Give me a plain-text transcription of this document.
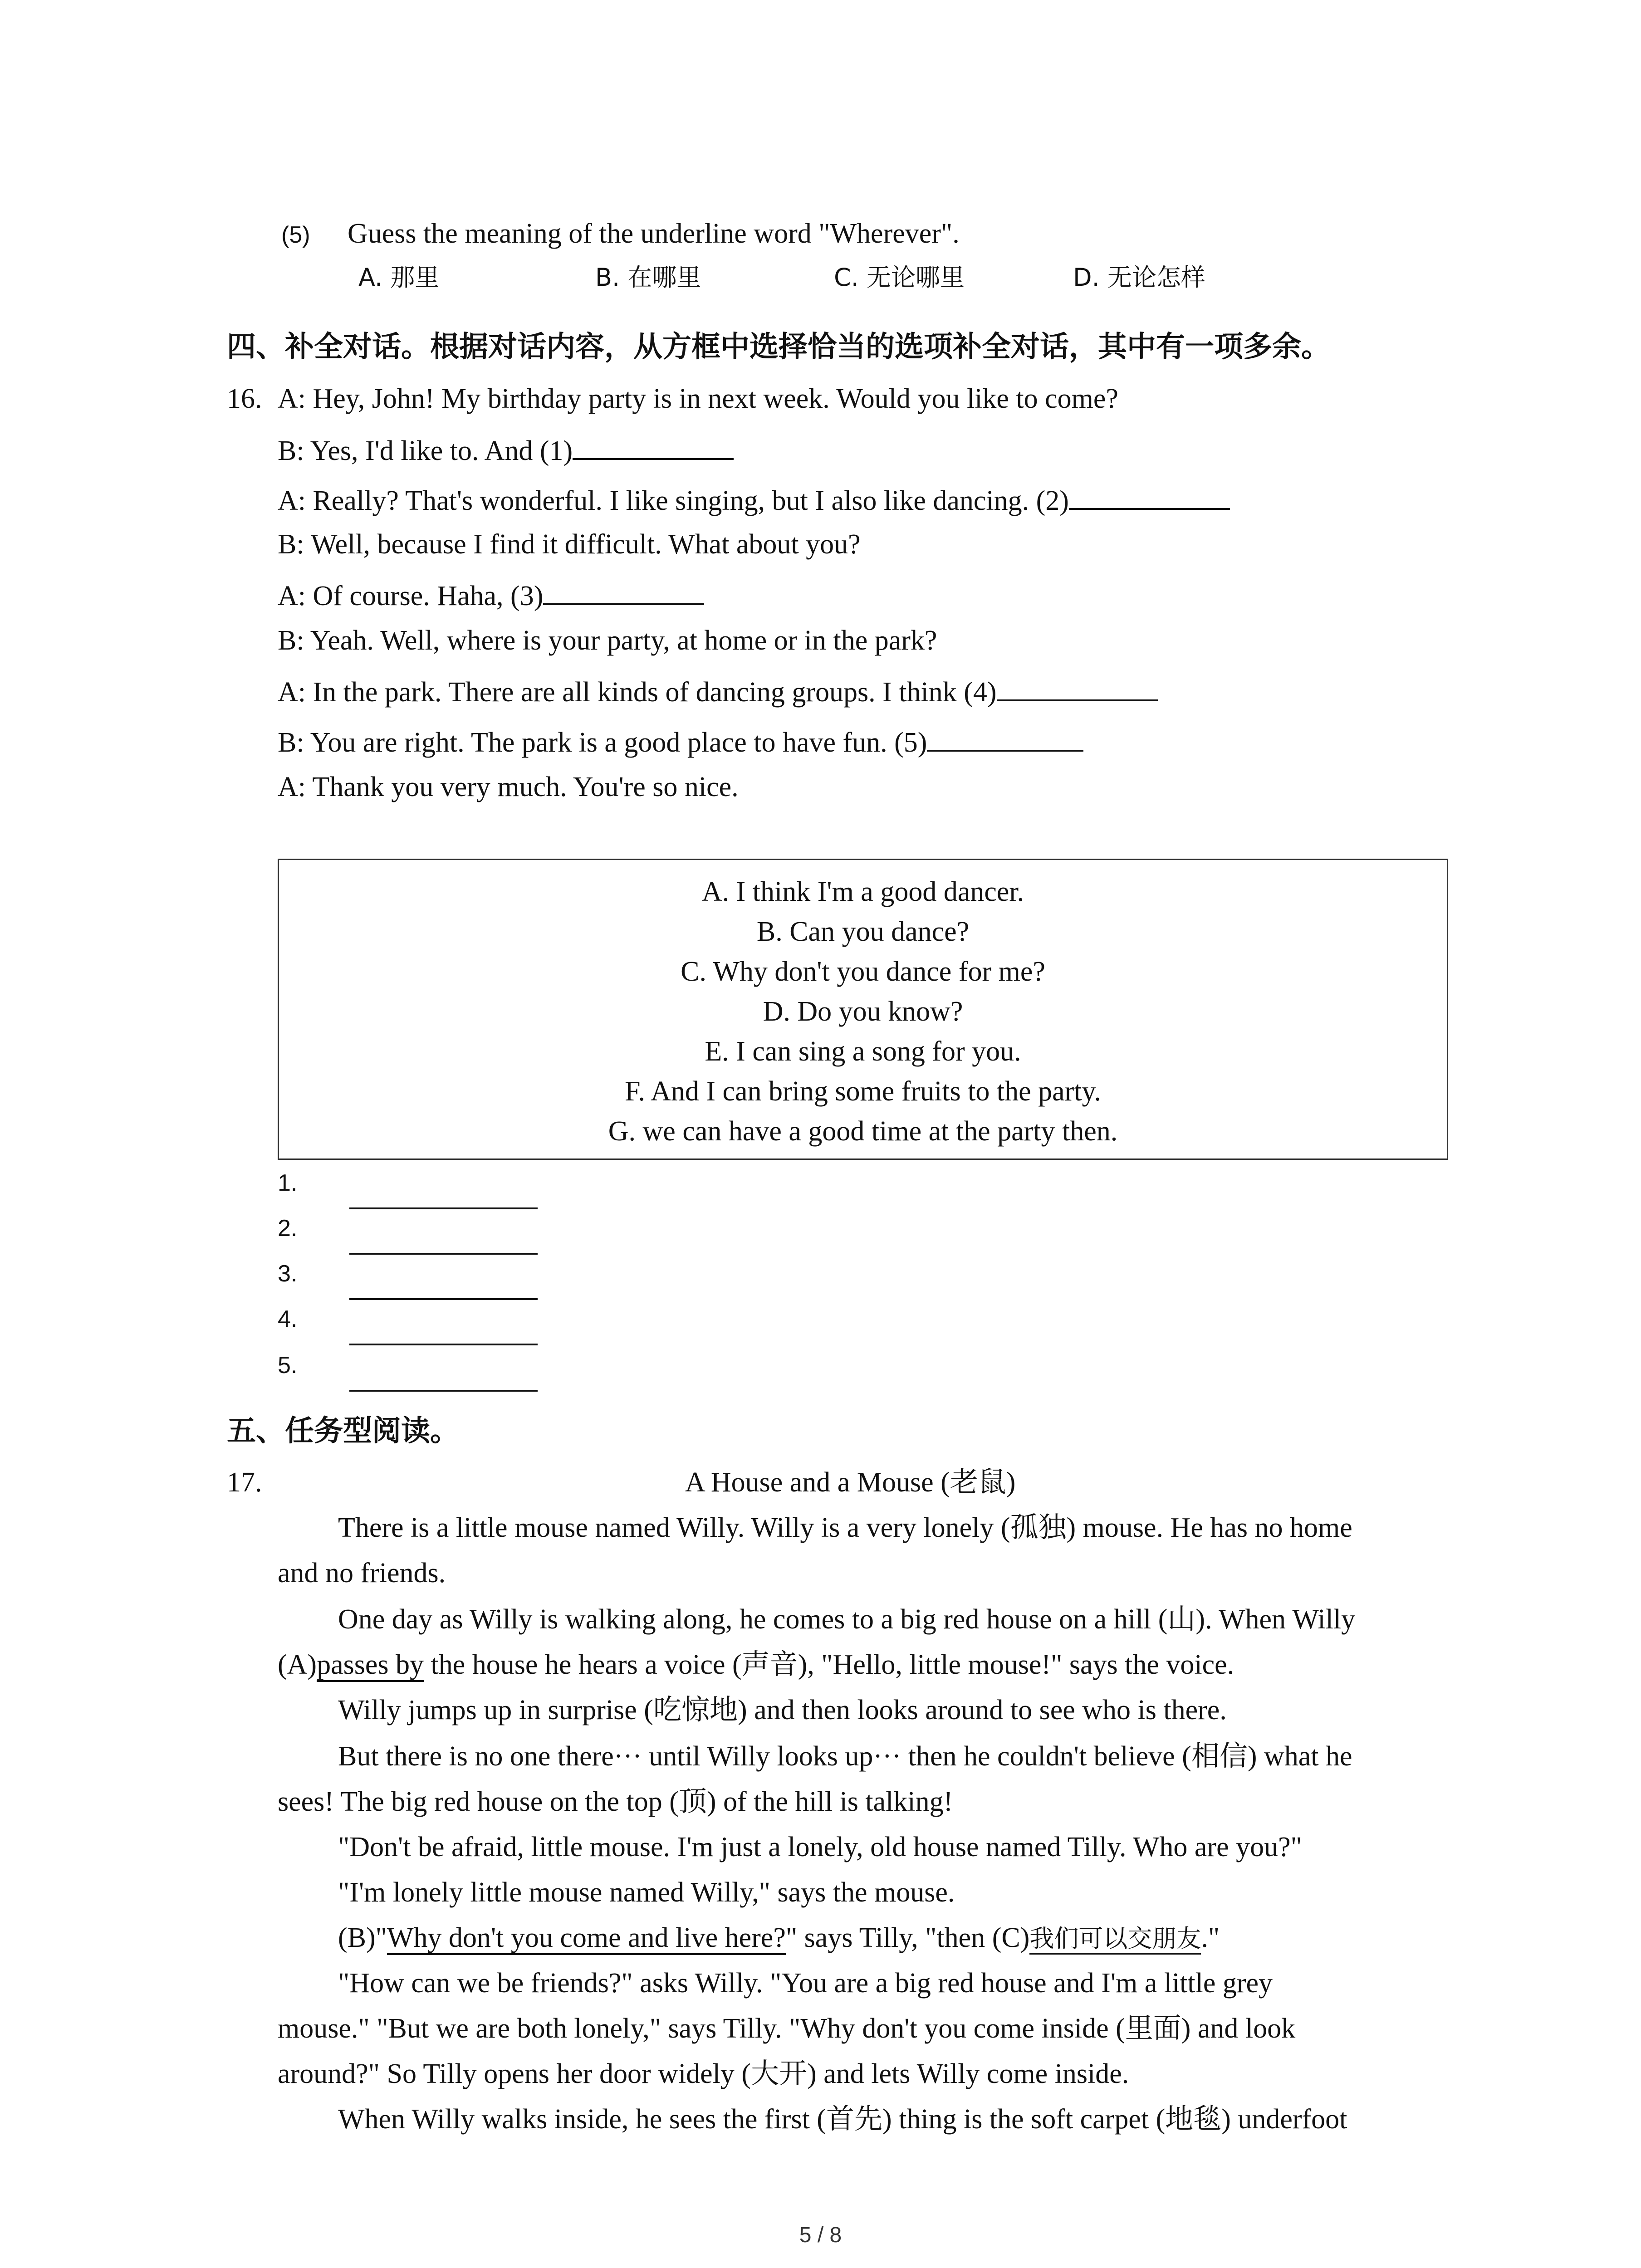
(5) Guess the meaning of the underline word "Wherever".
A. 那里	B. 在哪里	C. 无论哪里	D. 无论怎样
四、补全对话。根据对话内容，从方框中选择恰当的选项补全对话，其中有一项多余。
16. A: Hey, John! My birthday party is in next week. Would you like to come?
B: Yes, I'd like to. And (1)
A: Really? That's wonderful. I like singing, but I also like dancing. (2)
B: Well, because I find it difficult. What about you?
A: Of course. Haha, (3)
B: Yeah. Well, where is your party, at home or in the park?
A: In the park. There are all kinds of dancing groups. I think (4)
B: You are right. The park is a good place to have fun. (5)
A: Thank you very much. You're so nice.
A. I think I'm a good dancer.
B. Can you dance?
C. Why don't you dance for me?
D. Do you know?
E. I can sing a song for you.
F. And I can bring some fruits to the party.
G. we can have a good time at the party then.
1.
2.
3.
4.
5.
五、任务型阅读。
17.	A House and a Mouse (老鼠)
There is a little mouse named Willy. Willy is a very lonely (孤独) mouse. He has no home
and no friends.
One day as Willy is walking along, he comes to a big red house on a hill (山). When Willy
(A)passes by the house he hears a voice (声音), "Hello, little mouse!" says the voice.
Willy jumps up in surprise (吃惊地) and then looks around to see who is there.
But there is no one there··· until Willy looks up··· then he couldn't believe (相信) what he
sees! The big red house on the top (顶) of the hill is talking!
"Don't be afraid, little mouse. I'm just a lonely, old house named Tilly. Who are you?"
"I'm lonely little mouse named Willy," says the mouse.
(B)"Why don't you come and live here?" says Tilly, "then (C)我们可以交朋友."
"How can we be friends?" asks Willy. "You are a big red house and I'm a little grey
mouse." "But we are both lonely," says Tilly. "Why don't you come inside (里面) and look
around?" So Tilly opens her door widely (大开) and lets Willy come inside.
When Willy walks inside, he sees the first (首先) thing is the soft carpet (地毯) underfoot
5 / 8
